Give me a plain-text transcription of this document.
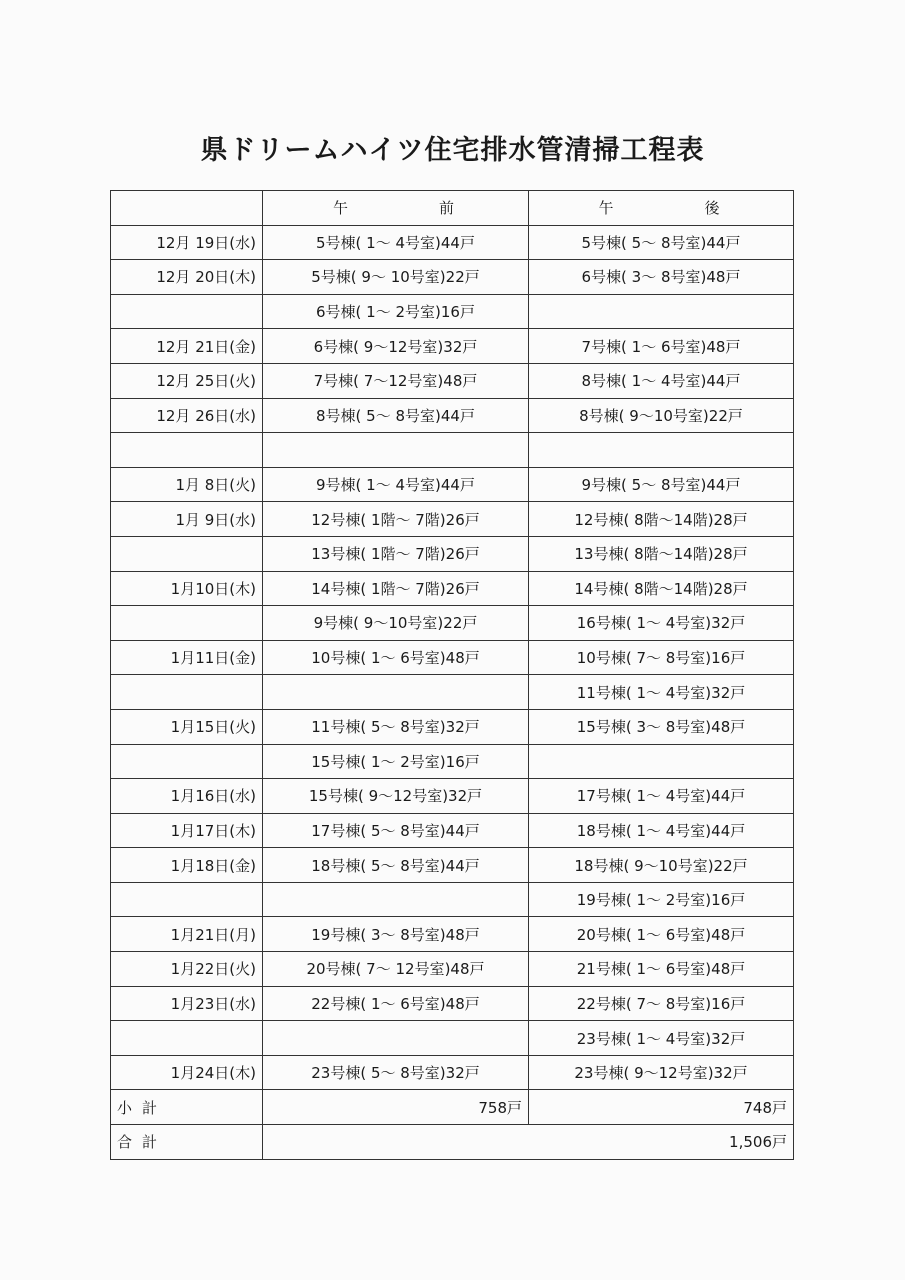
県ドリームハイツ住宅排水管清掃工程表
	午　前	午　後
12月 19日(水)	5号棟( 1～ 4号室)44戸	5号棟( 5～ 8号室)44戸
12月 20日(木)	5号棟( 9～ 10号室)22戸	6号棟( 3～ 8号室)48戸
	6号棟( 1～ 2号室)16戸	
12月 21日(金)	6号棟( 9～12号室)32戸	7号棟( 1～ 6号室)48戸
12月 25日(火)	7号棟( 7～12号室)48戸	8号棟( 1～ 4号室)44戸
12月 26日(水)	8号棟( 5～ 8号室)44戸	8号棟( 9～10号室)22戸

1月 8日(火)	9号棟( 1～ 4号室)44戸	9号棟( 5～ 8号室)44戸
1月 9日(水)	12号棟( 1階～ 7階)26戸	12号棟( 8階～14階)28戸
	13号棟( 1階～ 7階)26戸	13号棟( 8階～14階)28戸
1月10日(木)	14号棟( 1階～ 7階)26戸	14号棟( 8階～14階)28戸
	9号棟( 9～10号室)22戸	16号棟( 1～ 4号室)32戸
1月11日(金)	10号棟( 1～ 6号室)48戸	10号棟( 7～ 8号室)16戸
		11号棟( 1～ 4号室)32戸
1月15日(火)	11号棟( 5～ 8号室)32戸	15号棟( 3～ 8号室)48戸
	15号棟( 1～ 2号室)16戸	
1月16日(水)	15号棟( 9～12号室)32戸	17号棟( 1～ 4号室)44戸
1月17日(木)	17号棟( 5～ 8号室)44戸	18号棟( 1～ 4号室)44戸
1月18日(金)	18号棟( 5～ 8号室)44戸	18号棟( 9～10号室)22戸
		19号棟( 1～ 2号室)16戸
1月21日(月)	19号棟( 3～ 8号室)48戸	20号棟( 1～ 6号室)48戸
1月22日(火)	20号棟( 7～ 12号室)48戸	21号棟( 1～ 6号室)48戸
1月23日(水)	22号棟( 1～ 6号室)48戸	22号棟( 7～ 8号室)16戸
		23号棟( 1～ 4号室)32戸
1月24日(木)	23号棟( 5～ 8号室)32戸	23号棟( 9～12号室)32戸
小計	758戸	748戸
合計	1,506戸	
